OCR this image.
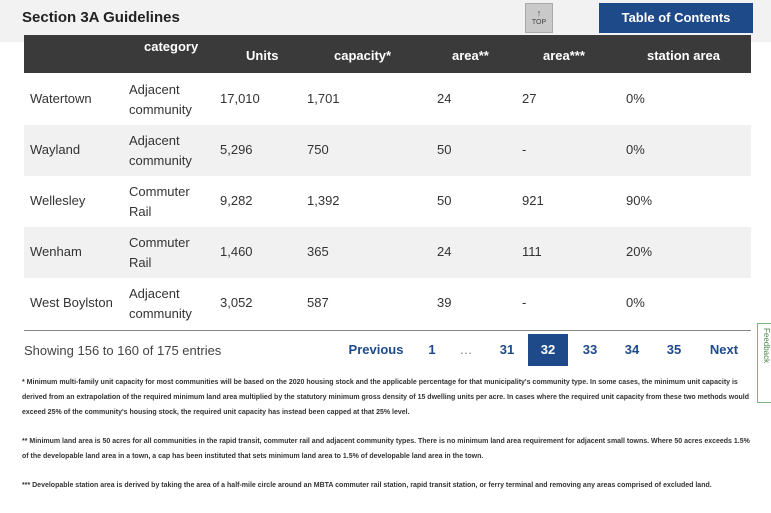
Section 3A Guidelines	↑
TOP	Table of Contents
category
Units	capacity*	area**	area***	station area
Watertown
Adjacent community
17,010	1,701	24	27	0%
Wayland
Adjacent community
5,296	750	50	-	0%
Wellesley
Commuter Rail
9,282	1,392	50	921	90%
Wenham
Commuter Rail
1,460	365	24	111	20%
West Boylston
Adjacent community
3,052	587	39	-	0%
Showing 156 to 160 of 175 entries	Previous	1	…	31	32	33	34	35	Next	Feedback

* Minimum multi-family unit capacity for most communities will be based on the 2020 housing stock and the applicable percentage for that municipality's community type. In some cases, the minimum unit capacity is derived from an extrapolation of the required minimum land area multiplied by the statutory minimum gross density of 15 dwelling units per acre. In cases where the required unit capacity from these two methods would exceed 25% of the community's housing stock, the required unit capacity has instead been capped at that 25% level.

** Minimum land area is 50 acres for all communities in the rapid transit, commuter rail and adjacent community types. There is no minimum land area requirement for adjacent small towns. Where 50 acres exceeds 1.5% of the developable land area in a town, a cap has been instituted that sets minimum land area to 1.5% of developable land area in the town.

*** Developable station area is derived by taking the area of a half-mile circle around an MBTA commuter rail station, rapid transit station, or ferry terminal and removing any areas comprised of excluded land.
